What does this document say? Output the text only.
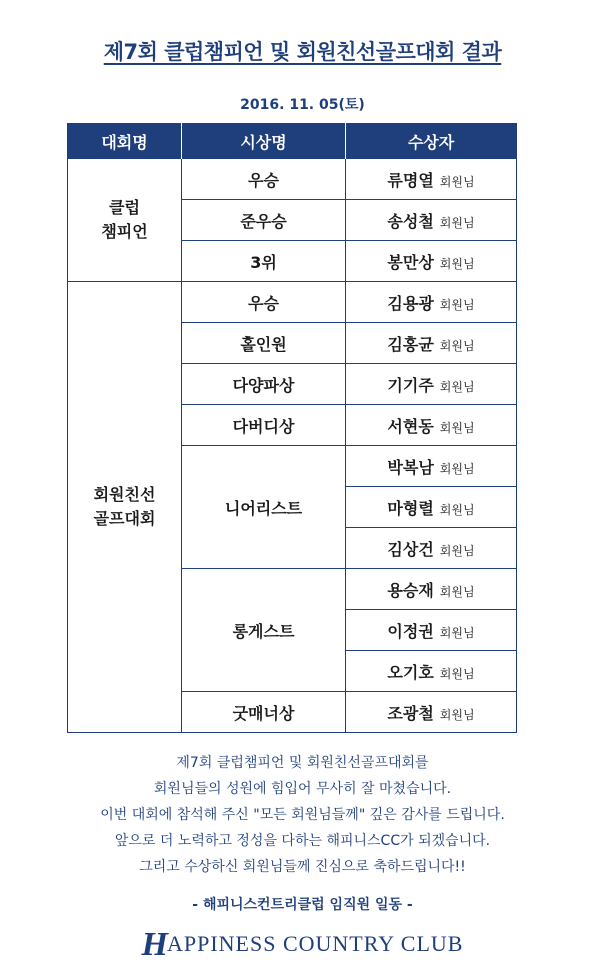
제7회 클럽챔피언 및 회원친선골프대회 결과
2016. 11. 05(토)
대회명	시상명	수상자
클럽
챔피언	우승	류명열 회원님
	준우승	송성철 회원님
	3위	봉만상 회원님
회원친선
골프대회	우승	김용광 회원님
	홀인원	김홍균 회원님
	다양파상	기기주 회원님
	다버디상	서현동 회원님
	니어리스트	박복남 회원님
		마형렬 회원님
		김상건 회원님
	롱게스트	용승재 회원님
		이정권 회원님
		오기호 회원님
	굿매너상	조광철 회원님
제7회 클럽챔피언 및 회원친선골프대회를
회원님들의 성원에 힘입어 무사히 잘 마쳤습니다.
이번 대회에 참석해 주신 "모든 회원님들께" 깊은 감사를 드립니다.
앞으로 더 노력하고 정성을 다하는 해피니스CC가 되겠습니다.
그리고 수상하신 회원님들께 진심으로 축하드립니다!!
- 해피니스컨트리클럽 임직원 일동 -
HAPPINESS COUNTRY CLUB
